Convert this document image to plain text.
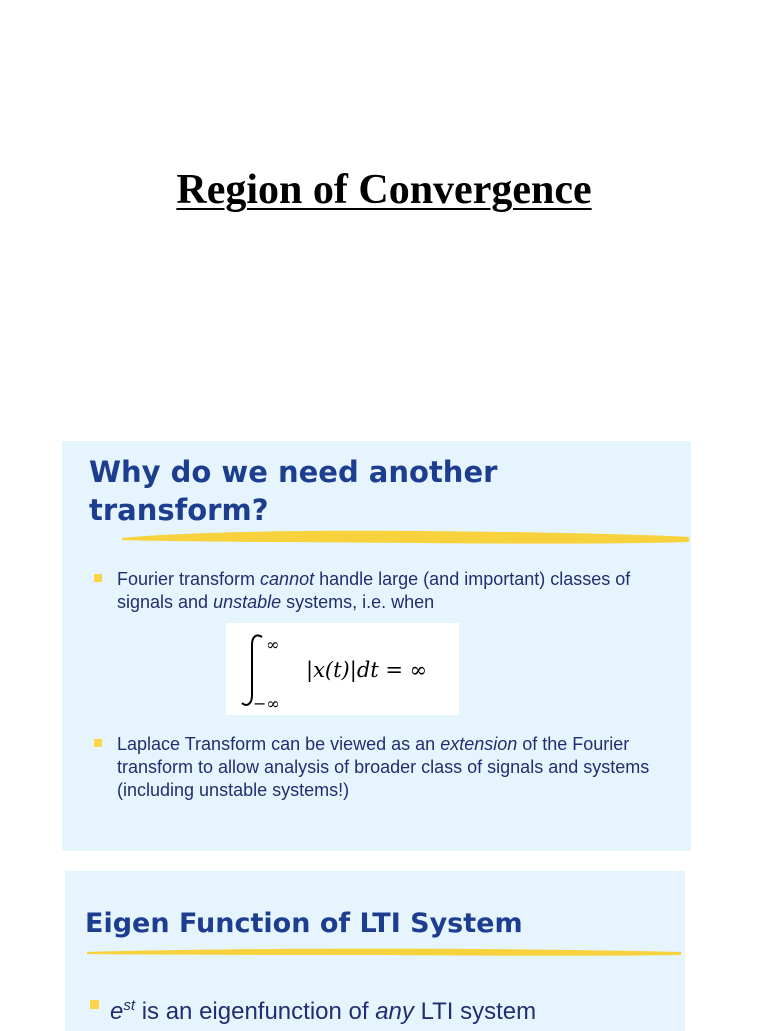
Region of Convergence
Why do we need another
transform?
Fourier transform cannot handle large (and important) classes of signals and unstable systems, i.e. when
∞
−∞
|x(t)|dt = ∞
Laplace Transform can be viewed as an extension of the Fourier transform to allow analysis of broader class of signals and systems (including unstable systems!)
Eigen Function of LTI System
$e^{st}$ is an eigenfunction of any LTI system
